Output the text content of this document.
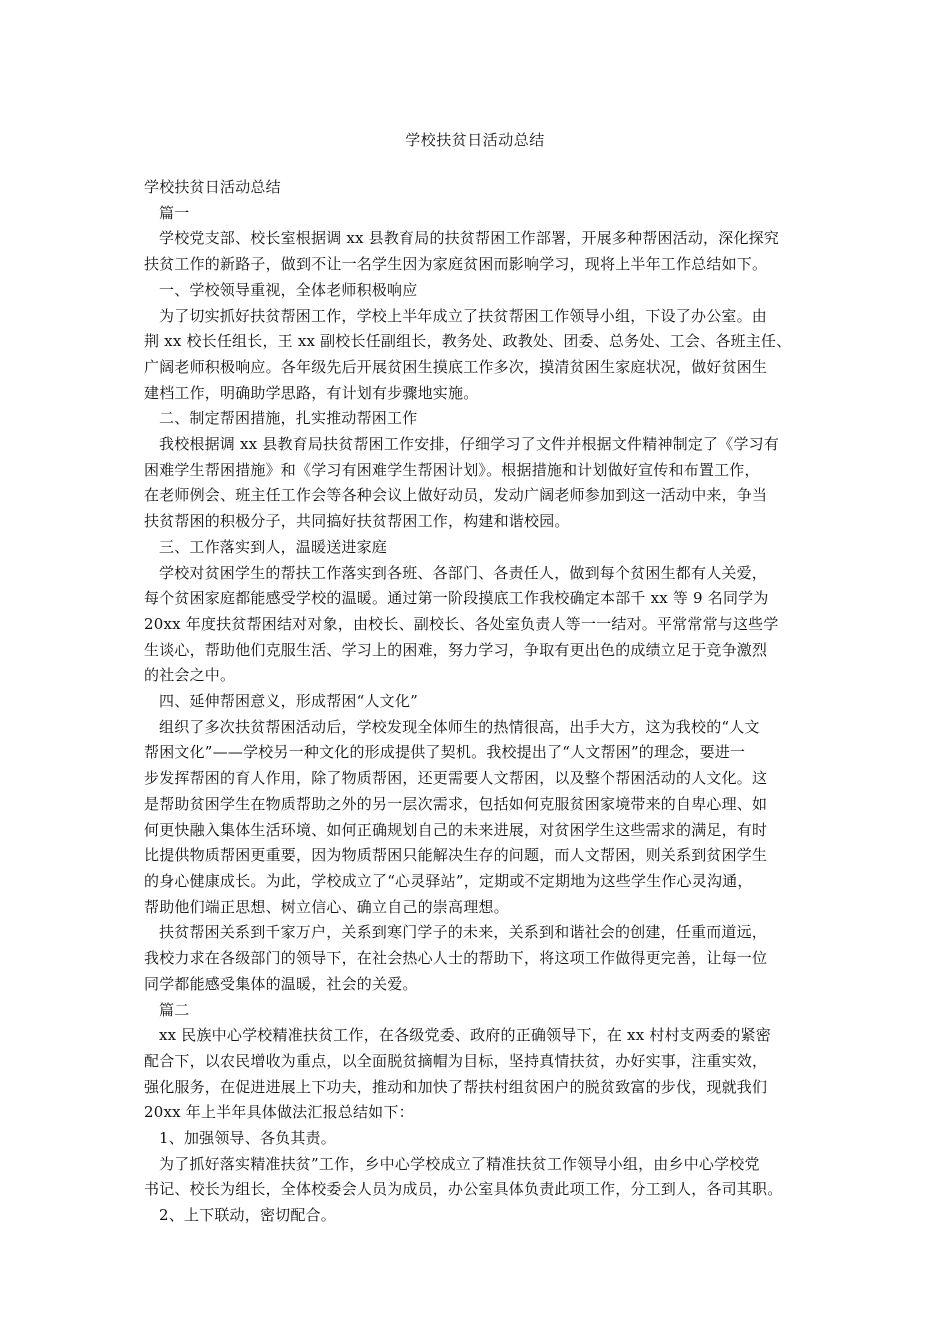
学校扶贫日活动总结

学校扶贫日活动总结

篇一

学校党支部、校长室根据调 xx 县教育局的扶贫帮困工作部署，开展多种帮困活动，深化探究

扶贫工作的新路子，做到不让一名学生因为家庭贫困而影响学习，现将上半年工作总结如下。

一、学校领导重视，全体老师积极响应

为了切实抓好扶贫帮困工作，学校上半年成立了扶贫帮困工作领导小组，下设了办公室。由

荆 xx 校长任组长，王 xx 副校长任副组长，教务处、政教处、团委、总务处、工会、各班主任、

广阔老师积极响应。各年级先后开展贫困生摸底工作多次，摸清贫困生家庭状况，做好贫困生

建档工作，明确助学思路，有计划有步骤地实施。

二、制定帮困措施，扎实推动帮困工作

我校根据调 xx 县教育局扶贫帮困工作安排，仔细学习了文件并根据文件精神制定了《学习有

困难学生帮困措施》和《学习有困难学生帮困计划》。根据措施和计划做好宣传和布置工作，

在老师例会、班主任工作会等各种会议上做好动员，发动广阔老师参加到这一活动中来，争当

扶贫帮困的积极分子，共同搞好扶贫帮困工作，构建和谐校园。

三、工作落实到人，温暖送进家庭

学校对贫困学生的帮扶工作落实到各班、各部门、各责任人，做到每个贫困生都有人关爱，

每个贫困家庭都能感受学校的温暖。通过第一阶段摸底工作我校确定本部千 xx 等 9 名同学为

20xx 年度扶贫帮困结对对象，由校长、副校长、各处室负责人等一一结对。平常常常与这些学

生谈心，帮助他们克服生活、学习上的困难，努力学习，争取有更出色的成绩立足于竞争激烈

的社会之中。

四、延伸帮困意义，形成帮困“人文化”

组织了多次扶贫帮困活动后，学校发现全体师生的热情很高，出手大方，这为我校的“人文

帮困文化”——学校另一种文化的形成提供了契机。我校提出了“人文帮困”的理念，要进一

步发挥帮困的育人作用，除了物质帮困，还更需要人文帮困，以及整个帮困活动的人文化。这

是帮助贫困学生在物质帮助之外的另一层次需求，包括如何克服贫困家境带来的自卑心理、如

何更快融入集体生活环境、如何正确规划自己的未来进展，对贫困学生这些需求的满足，有时

比提供物质帮困更重要，因为物质帮困只能解决生存的问题，而人文帮困，则关系到贫困学生

的身心健康成长。为此，学校成立了“心灵驿站”，定期或不定期地为这些学生作心灵沟通，

帮助他们端正思想、树立信心、确立自己的崇高理想。

扶贫帮困关系到千家万户，关系到寒门学子的未来，关系到和谐社会的创建，任重而道远，

我校力求在各级部门的领导下，在社会热心人士的帮助下，将这项工作做得更完善，让每一位

同学都能感受集体的温暖，社会的关爱。

篇二

xx 民族中心学校精准扶贫工作，在各级党委、政府的正确领导下，在 xx 村村支两委的紧密

配合下，以农民增收为重点，以全面脱贫摘帽为目标，坚持真情扶贫，办好实事，注重实效，

强化服务，在促进进展上下功夫，推动和加快了帮扶村组贫困户的脱贫致富的步伐，现就我们

20xx 年上半年具体做法汇报总结如下：

1、加强领导、各负其责。

为了抓好落实精准扶贫”工作，乡中心学校成立了精准扶贫工作领导小组，由乡中心学校党

书记、校长为组长，全体校委会人员为成员，办公室具体负责此项工作，分工到人，各司其职。

2、上下联动，密切配合。
